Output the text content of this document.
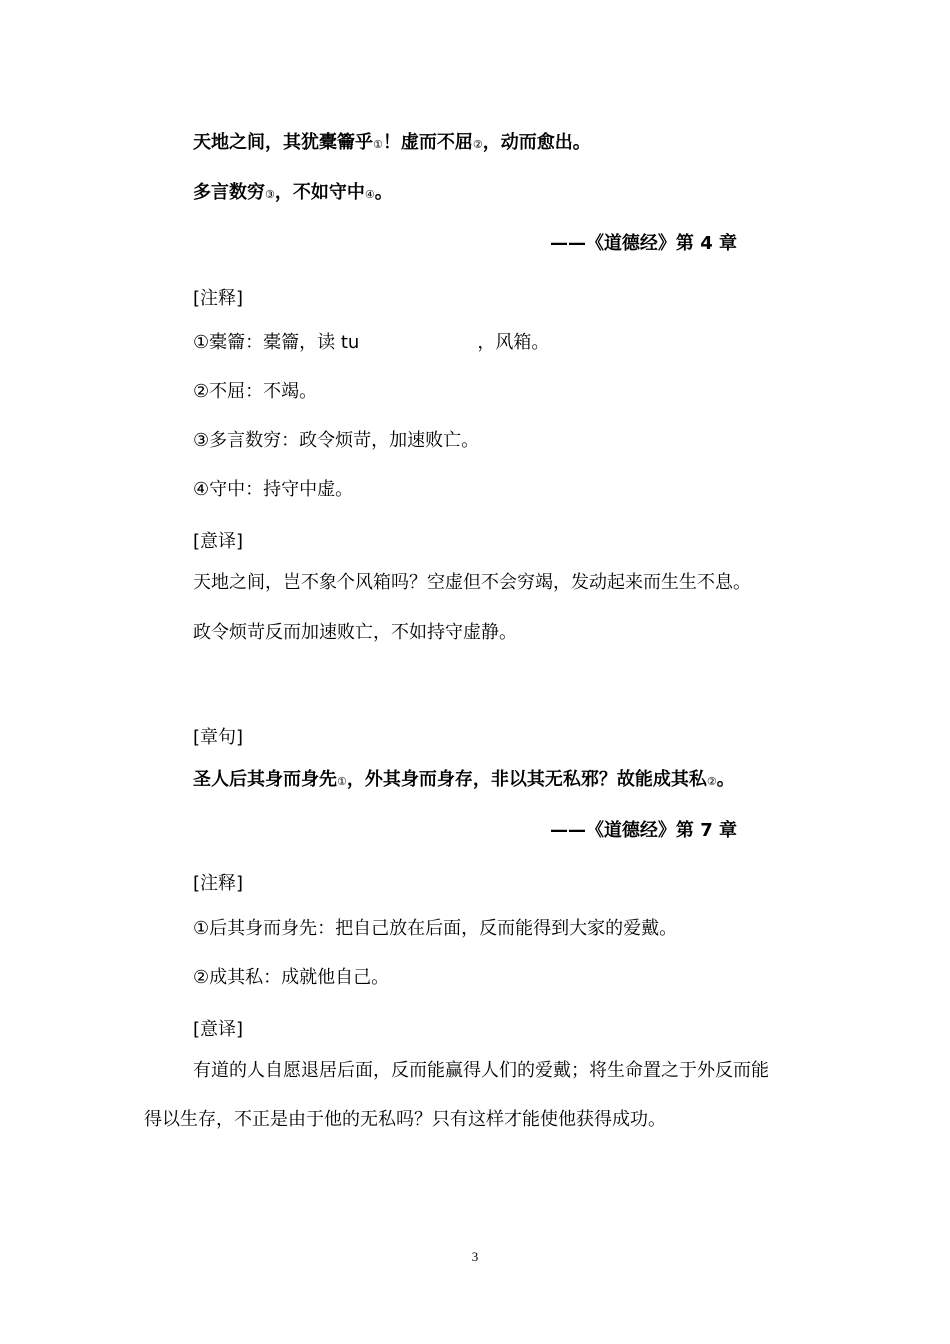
天地之间，其犹橐籥乎①！虚而不屈②，动而愈出。
多言数穷③，不如守中④。
——《道德经》第 4 章
[注释]
①橐籥：橐籥，读 tu	，风箱。
②不屈：不竭。
③多言数穷：政令烦苛，加速败亡。
④守中：持守中虚。
[意译]
天地之间，岂不象个风箱吗？空虚但不会穷竭，发动起来而生生不息。
政令烦苛反而加速败亡，不如持守虚静。
[章句]
圣人后其身而身先①，外其身而身存，非以其无私邪？故能成其私②。
——《道德经》第 7 章
[注释]
①后其身而身先：把自己放在后面，反而能得到大家的爱戴。
②成其私：成就他自己。
[意译]
有道的人自愿退居后面，反而能赢得人们的爱戴；将生命置之于外反而能
得以生存，不正是由于他的无私吗？只有这样才能使他获得成功。
3
